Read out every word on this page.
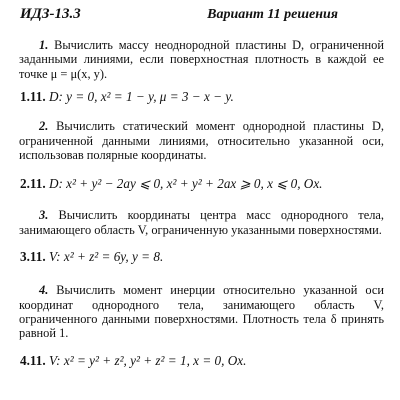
ИДЗ-13.3	Вариант 11 решения

1. Вычислить массу неоднородной пластины D, ограниченной заданными линиями, если поверхностная плотность в каждой ее точке μ = μ(x, y).

1.11. D: y = 0, x² = 1 − y, μ = 3 − x − y.

2. Вычислить статический момент однородной пластины D, ограниченной данными линиями, относительно указанной оси, использовав полярные координаты.

2.11. D: x² + y² − 2ay ⩽ 0, x² + y² + 2ax ⩾ 0, x ⩽ 0, Ox.

3. Вычислить координаты центра масс однородного тела, занимающего область V, ограниченную указанными поверхностями.

3.11. V: x² + z² = 6y, y = 8.

4. Вычислить момент инерции относительно указанной оси координат однородного тела, занимающего область V, ограниченного данными поверхностями. Плотность тела δ принять равной 1.

4.11. V: x² = y² + z², y² + z² = 1, x = 0, Ox.
